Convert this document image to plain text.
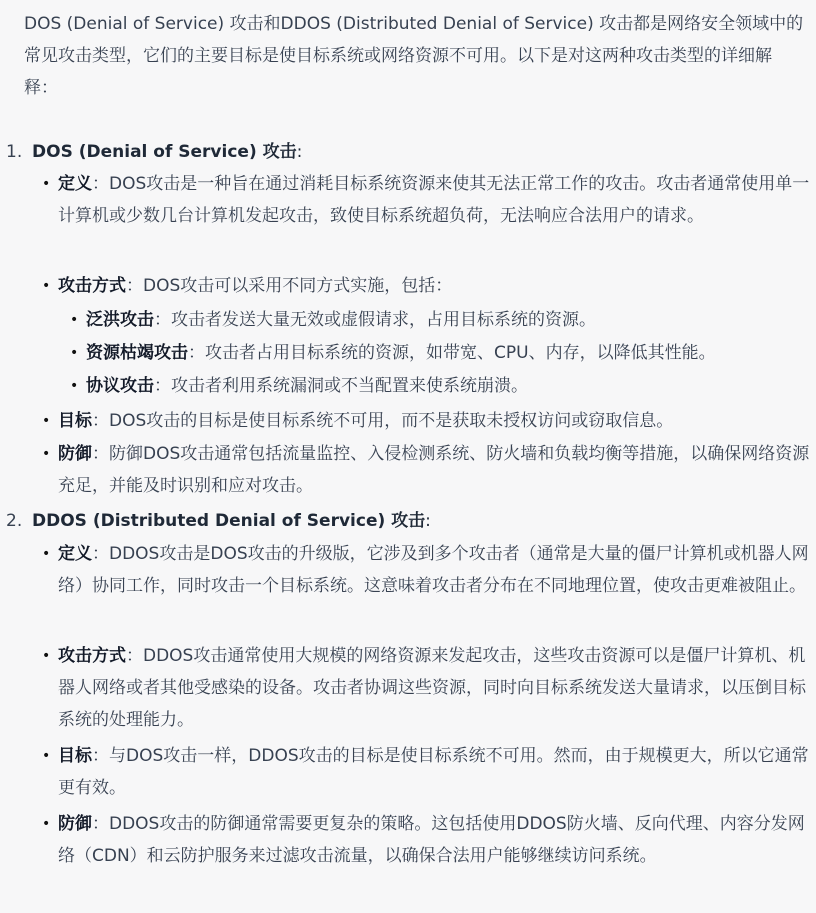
DOS (Denial of Service) 攻击和DDOS (Distributed Denial of Service) 攻击都是网络安全领域中的常见攻击类型，它们的主要目标是使目标系统或网络资源不可用。以下是对这两种攻击类型的详细解释：
1. DOS (Denial of Service) 攻击:
• 定义：DOS攻击是一种旨在通过消耗目标系统资源来使其无法正常工作的攻击。攻击者通常使用单一计算机或少数几台计算机发起攻击，致使目标系统超负荷，无法响应合法用户的请求。
• 攻击方式：DOS攻击可以采用不同方式实施，包括：
• 泛洪攻击：攻击者发送大量无效或虚假请求，占用目标系统的资源。
• 资源枯竭攻击：攻击者占用目标系统的资源，如带宽、CPU、内存，以降低其性能。
• 协议攻击：攻击者利用系统漏洞或不当配置来使系统崩溃。
• 目标：DOS攻击的目标是使目标系统不可用，而不是获取未授权访问或窃取信息。
• 防御：防御DOS攻击通常包括流量监控、入侵检测系统、防火墙和负载均衡等措施，以确保网络资源充足，并能及时识别和应对攻击。
2. DDOS (Distributed Denial of Service) 攻击:
• 定义：DDOS攻击是DOS攻击的升级版，它涉及到多个攻击者（通常是大量的僵尸计算机或机器人网络）协同工作，同时攻击一个目标系统。这意味着攻击者分布在不同地理位置，使攻击更难被阻止。
• 攻击方式：DDOS攻击通常使用大规模的网络资源来发起攻击，这些攻击资源可以是僵尸计算机、机器人网络或者其他受感染的设备。攻击者协调这些资源，同时向目标系统发送大量请求，以压倒目标系统的处理能力。
• 目标：与DOS攻击一样，DDOS攻击的目标是使目标系统不可用。然而，由于规模更大，所以它通常更有效。
• 防御：DDOS攻击的防御通常需要更复杂的策略。这包括使用DDOS防火墙、反向代理、内容分发网络（CDN）和云防护服务来过滤攻击流量，以确保合法用户能够继续访问系统。
